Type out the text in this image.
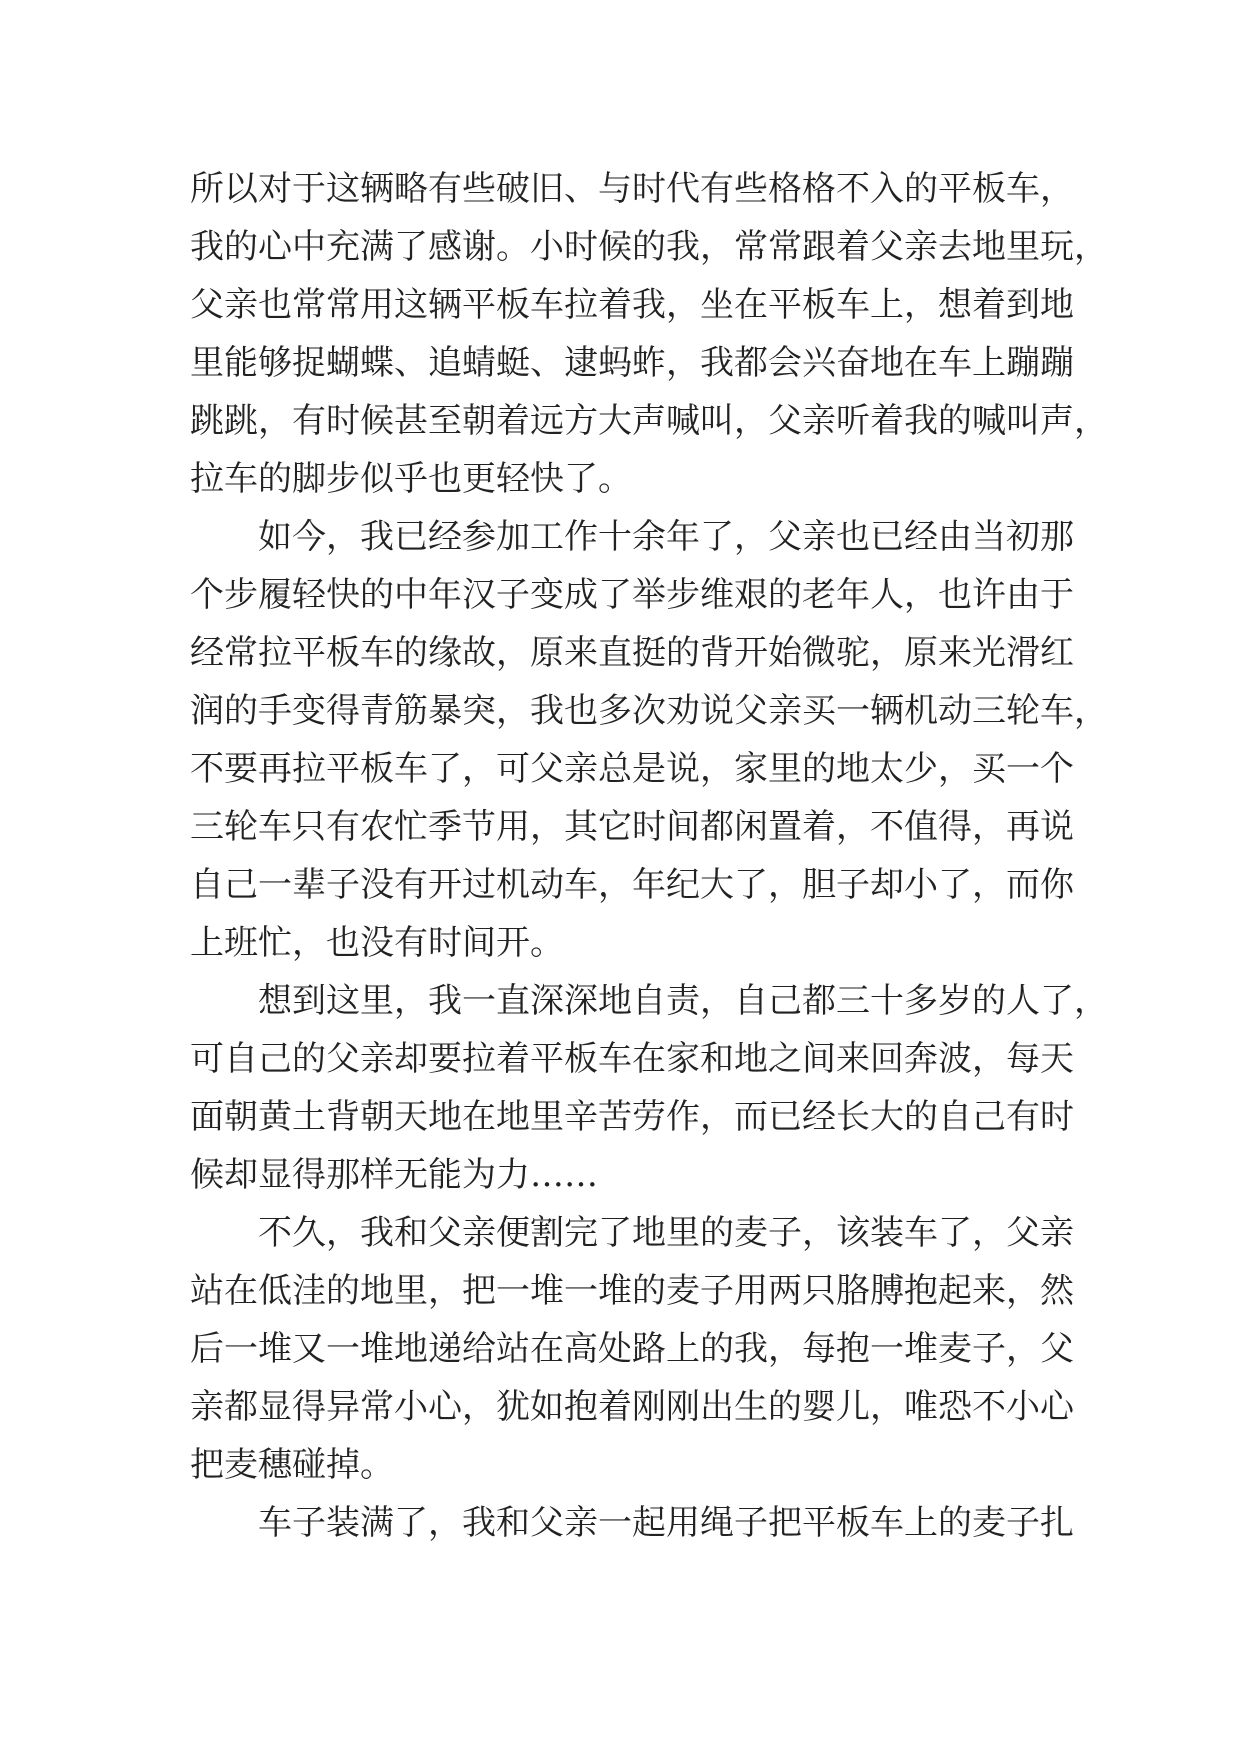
所以对于这辆略有些破旧、与时代有些格格不入的平板车，
我的心中充满了感谢。小时候的我，常常跟着父亲去地里玩，
父亲也常常用这辆平板车拉着我，坐在平板车上，想着到地
里能够捉蝴蝶、追蜻蜓、逮蚂蚱，我都会兴奋地在车上蹦蹦
跳跳，有时候甚至朝着远方大声喊叫，父亲听着我的喊叫声，
拉车的脚步似乎也更轻快了。
如今，我已经参加工作十余年了，父亲也已经由当初那
个步履轻快的中年汉子变成了举步维艰的老年人，也许由于
经常拉平板车的缘故，原来直挺的背开始微驼，原来光滑红
润的手变得青筋暴突，我也多次劝说父亲买一辆机动三轮车，
不要再拉平板车了，可父亲总是说，家里的地太少，买一个
三轮车只有农忙季节用，其它时间都闲置着，不值得，再说
自己一辈子没有开过机动车，年纪大了，胆子却小了，而你
上班忙，也没有时间开。
想到这里，我一直深深地自责，自己都三十多岁的人了，
可自己的父亲却要拉着平板车在家和地之间来回奔波，每天
面朝黄土背朝天地在地里辛苦劳作，而已经长大的自己有时
候却显得那样无能为力……
不久，我和父亲便割完了地里的麦子，该装车了，父亲
站在低洼的地里，把一堆一堆的麦子用两只胳膊抱起来，然
后一堆又一堆地递给站在高处路上的我，每抱一堆麦子，父
亲都显得异常小心，犹如抱着刚刚出生的婴儿，唯恐不小心
把麦穗碰掉。
车子装满了，我和父亲一起用绳子把平板车上的麦子扎
